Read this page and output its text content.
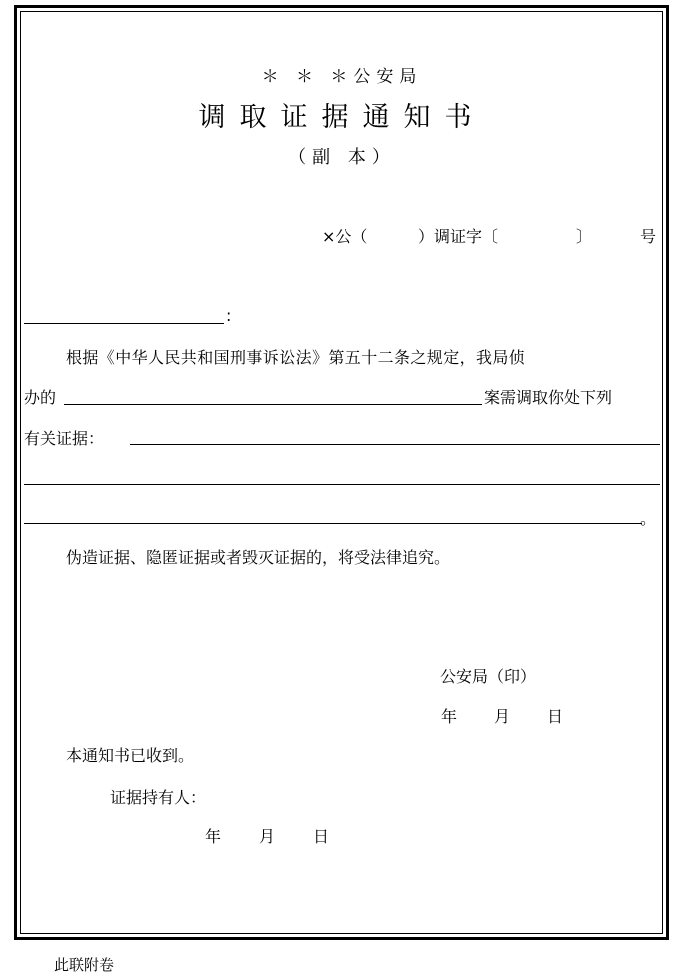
＊ ＊ ＊公安局
调取证据通知书
（副 本）
×公（	）调证字〔	〕	号
:
根据《中华人民共和国刑事诉讼法》第五十二条之规定，我局侦
办的	案需调取你处下列
有关证据：
。
伪造证据、隐匿证据或者毁灭证据的，将受法律追究。
公安局（印）
年 月 日
本通知书已收到。
证据持有人：
年 月 日
此联附卷
